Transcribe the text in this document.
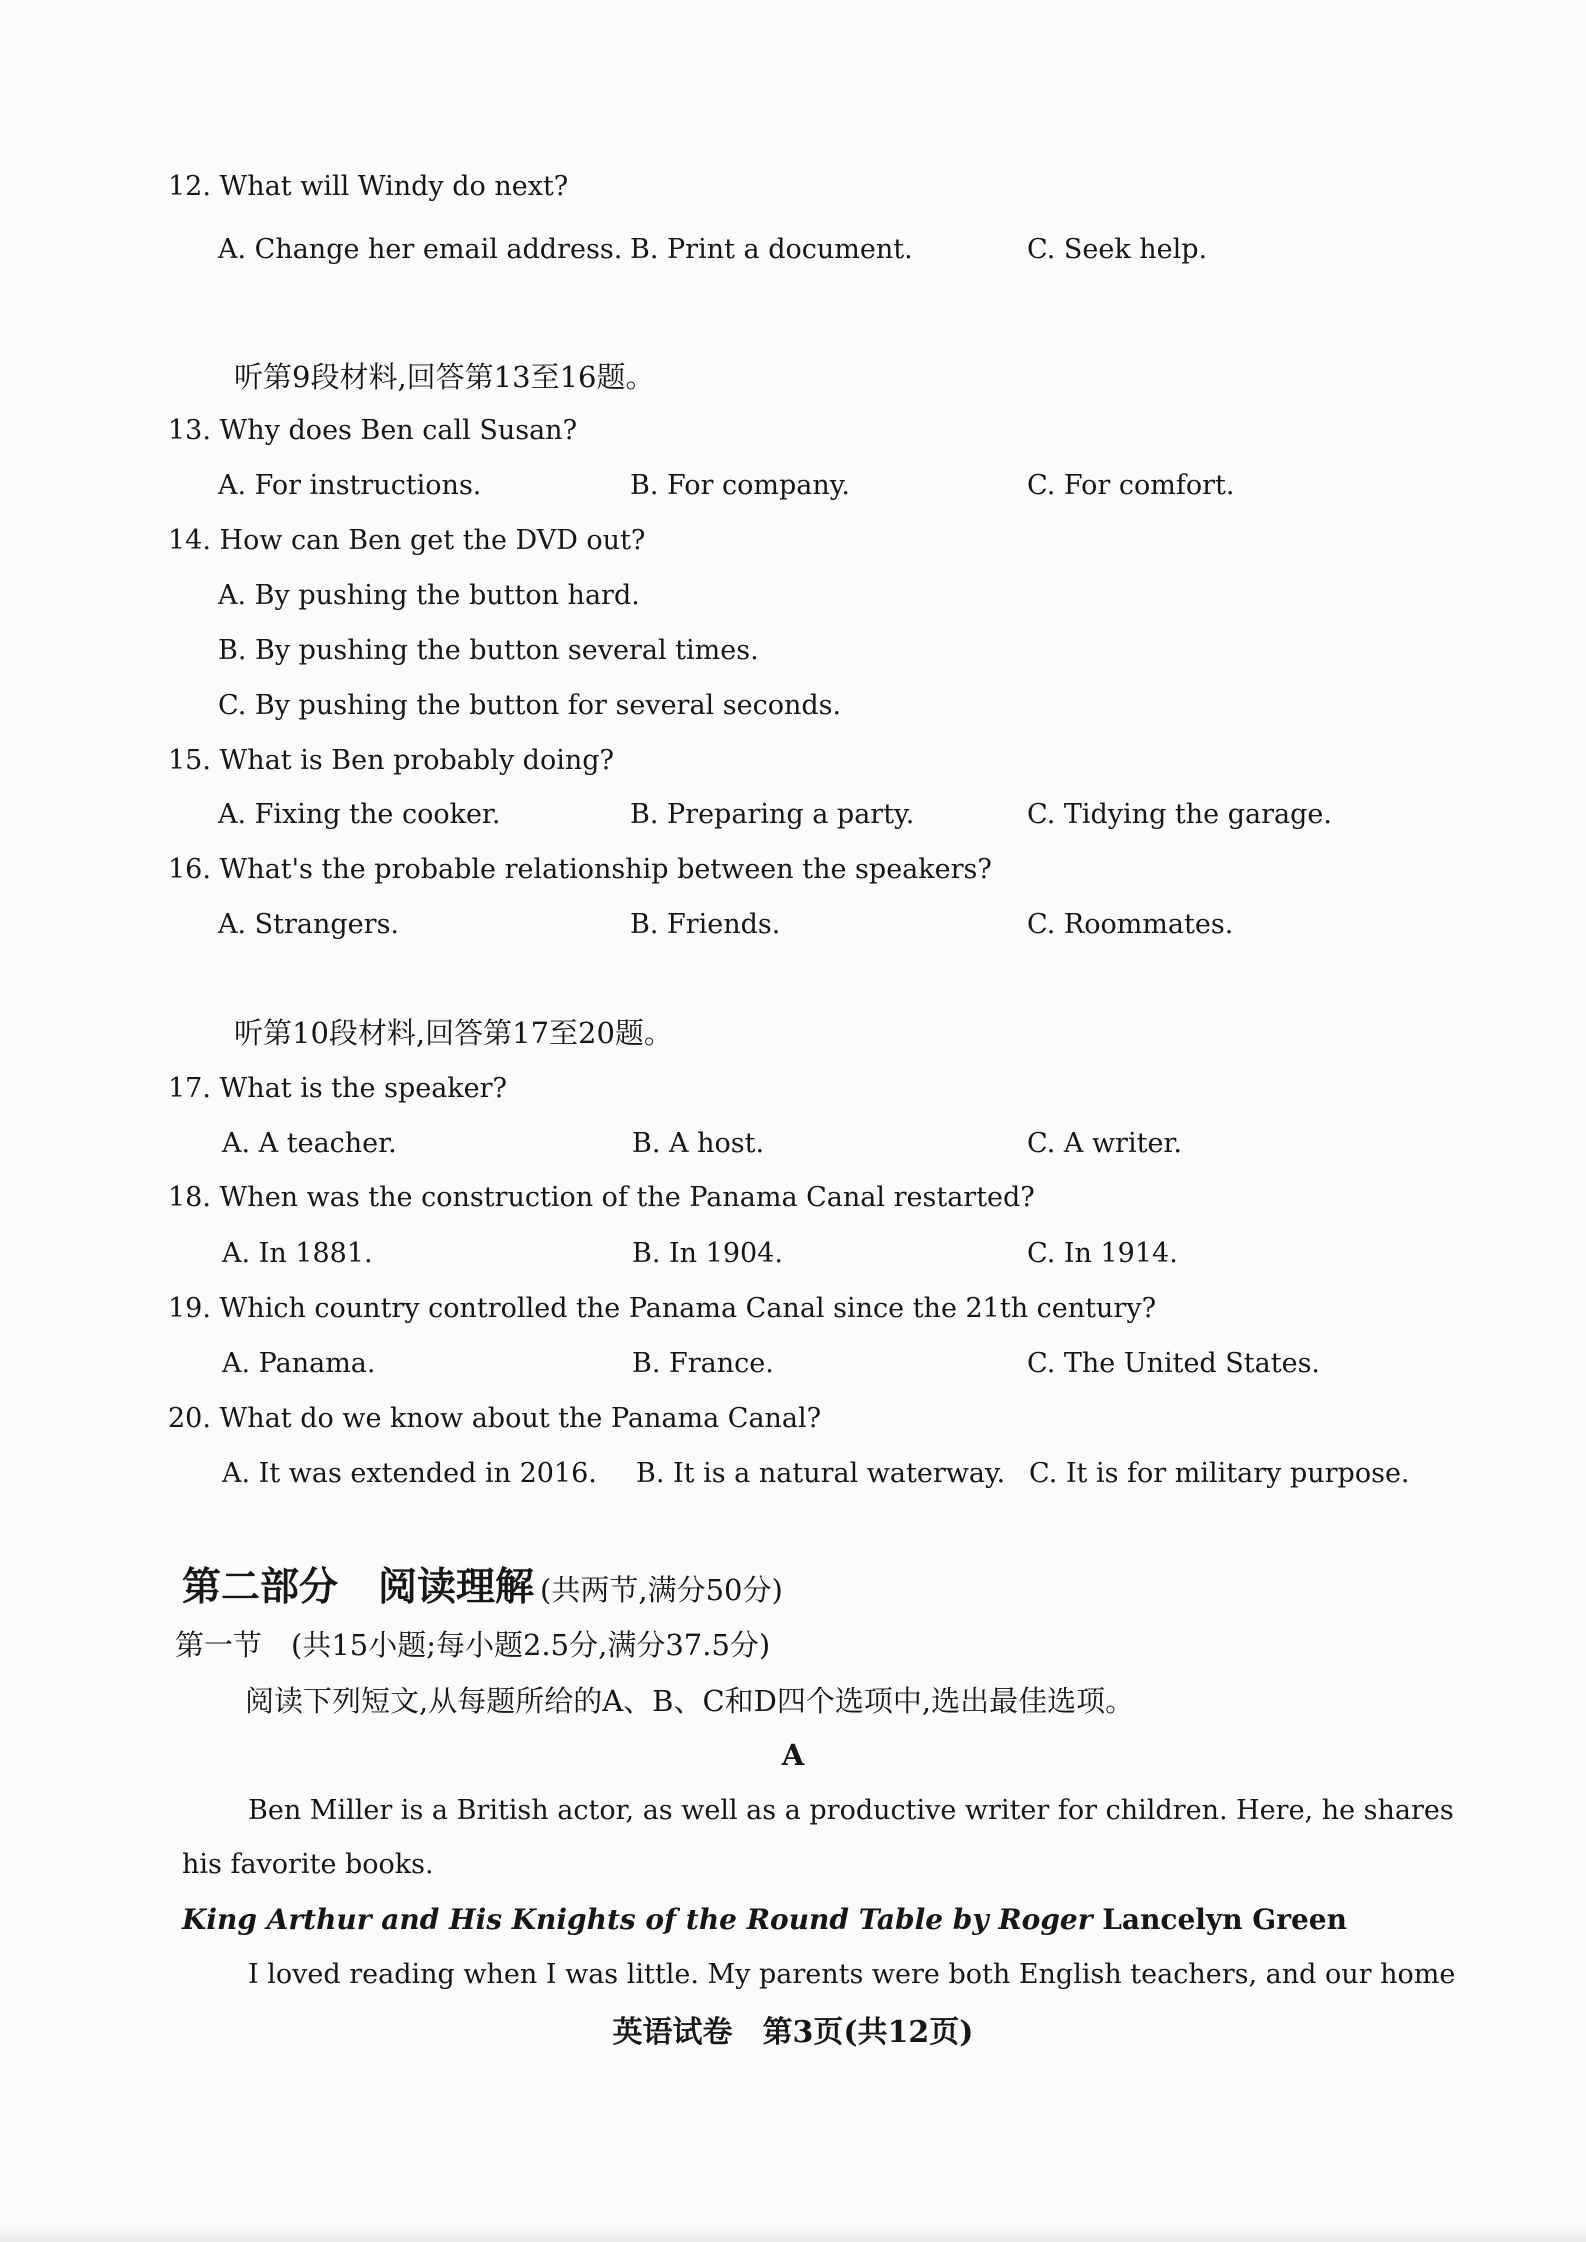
12. What will Windy do next?
A. Change her email address. B. Print a document.	C. Seek help.
听第9段材料,回答第13至16题。
13. Why does Ben call Susan?
A. For instructions.	B. For company.	C. For comfort.
14. How can Ben get the DVD out?
A. By pushing the button hard.
B. By pushing the button several times.
C. By pushing the button for several seconds.
15. What is Ben probably doing?
A. Fixing the cooker.	B. Preparing a party.	C. Tidying the garage.
16. What's the probable relationship between the speakers?
A. Strangers.	B. Friends.	C. Roommates.
听第10段材料,回答第17至20题。
17. What is the speaker?
A. A teacher.	B. A host.	C. A writer.
18. When was the construction of the Panama Canal restarted?
A. In 1881.	B. In 1904.	C. In 1914.
19. Which country controlled the Panama Canal since the 21th century?
A. Panama.	B. France.	C. The United States.
20. What do we know about the Panama Canal?
A. It was extended in 2016. B. It is a natural waterway. C. It is for military purpose.
第二部分 阅读理解 (共两节,满分50分)
第一节　(共15小题;每小题2.5分,满分37.5分)
阅读下列短文,从每题所给的A、B、C和D四个选项中,选出最佳选项。
A
Ben Miller is a British actor, as well as a productive writer for children. Here, he shares
his favorite books.
King Arthur and His Knights of the Round Table by Roger Lancelyn Green
I loved reading when I was little. My parents were both English teachers, and our home
英语试卷　第3页(共12页)
